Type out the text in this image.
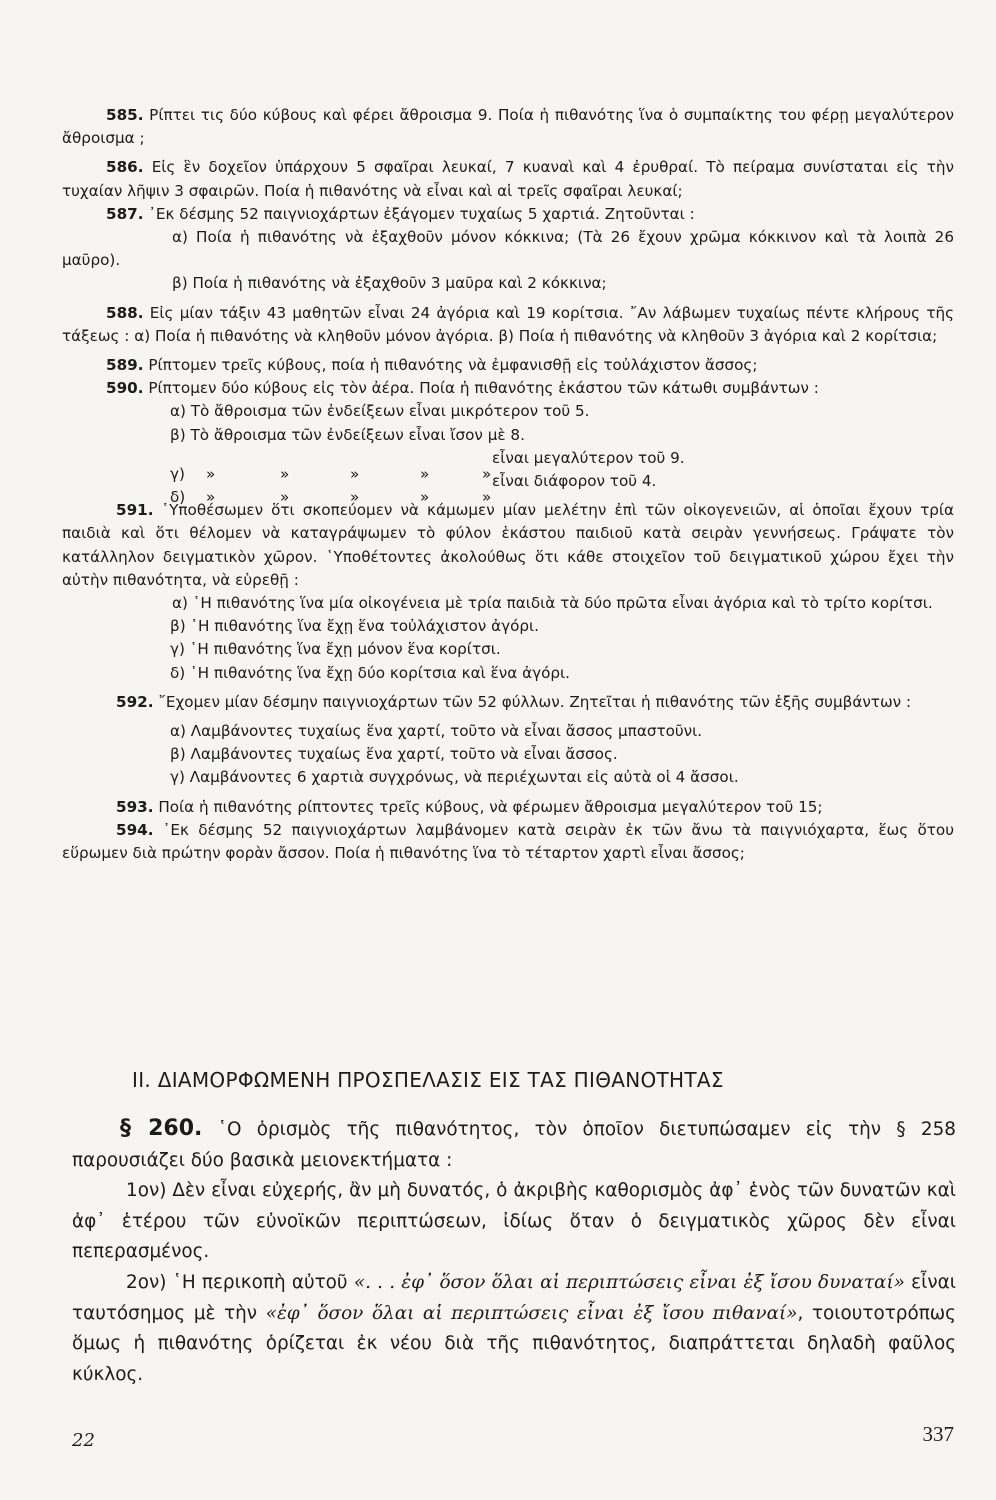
585. Ρίπτει τις δύο κύβους καὶ φέρει ἄθροισμα 9. Ποία ἡ πιθανότης ἵνα ὁ συμπαίκτης του φέρῃ μεγαλύτερον ἄθροισμα ;
586. Εἰς ἓν δοχεῖον ὑπάρχουν 5 σφαῖραι λευκαί, 7 κυαναὶ καὶ 4 ἐρυθραί. Τὸ πείραμα συνίσταται εἰς τὴν τυχαίαν λῆψιν 3 σφαιρῶν. Ποία ἡ πιθανότης νὰ εἶναι καὶ αἱ τρεῖς σφαῖραι λευκαί;
587. ᾿Εκ δέσμης 52 παιγνιοχάρτων ἐξάγομεν τυχαίως 5 χαρτιά. Ζητοῦνται :
α) Ποία ἡ πιθανότης νὰ ἐξαχθοῦν μόνον κόκκινα; (Τὰ 26 ἔχουν χρῶμα κόκκινον καὶ τὰ λοιπὰ 26 μαῦρο).
β) Ποία ἡ πιθανότης νὰ ἐξαχθοῦν 3 μαῦρα καὶ 2 κόκκινα;
588. Εἰς μίαν τάξιν 43 μαθητῶν εἶναι 24 ἀγόρια καὶ 19 κορίτσια. ῎Αν λάβωμεν τυχαίως πέντε κλήρους τῆς τάξεως : α) Ποία ἡ πιθανότης νὰ κληθοῦν μόνον ἀγόρια. β) Ποία ἡ πιθανότης νὰ κληθοῦν 3 ἀγόρια καὶ 2 κορίτσια;
589. Ρίπτομεν τρεῖς κύβους, ποία ἡ πιθανότης νὰ ἐμφανισθῇ εἰς τοὐλάχιστον ἄσσος;
590. Ρίπτομεν δύο κύβους εἰς τὸν ἀέρα. Ποία ἡ πιθανότης ἑκάστου τῶν κάτωθι συμβάντων :
α) Τὸ ἄθροισμα τῶν ἐνδείξεων εἶναι μικρότερον τοῦ 5.
β) Τὸ ἄθροισμα τῶν ἐνδείξεων εἶναι ἴσον μὲ 8.
γ) »	»	»	»	»
εἶναι μεγαλύτερον τοῦ 9.
δ) »	»	»	»	»
εἶναι διάφορον τοῦ 4.
591. ῾Υποθέσωμεν ὅτι σκοπεύομεν νὰ κάμωμεν μίαν μελέτην ἐπὶ τῶν οἰκογενειῶν, αἱ ὁποῖαι ἔχουν τρία παιδιὰ καὶ ὅτι θέλομεν νὰ καταγράψωμεν τὸ φύλον ἑκάστου παιδιοῦ κατὰ σειρὰν γεννήσεως. Γράψατε τὸν κατάλληλον δειγματικὸν χῶρον. ῾Υποθέτοντες ἀκολούθως ὅτι κάθε στοιχεῖον τοῦ δειγματικοῦ χώρου ἔχει τὴν αὐτὴν πιθανότητα, νὰ εὑρεθῇ :
α) ῾Η πιθανότης ἵνα μία οἰκογένεια μὲ τρία παιδιὰ τὰ δύο πρῶτα εἶναι ἀγόρια καὶ τὸ τρίτο κορίτσι.
β) ῾Η πιθανότης ἵνα ἔχῃ ἕνα τοὐλάχιστον ἀγόρι.
γ) ῾Η πιθανότης ἵνα ἔχῃ μόνον ἕνα κορίτσι.
δ) ῾Η πιθανότης ἵνα ἔχῃ δύο κορίτσια καὶ ἕνα ἀγόρι.
592. ῎Εχομεν μίαν δέσμην παιγνιοχάρτων τῶν 52 φύλλων. Ζητεῖται ἡ πιθανότης τῶν ἑξῆς συμβάντων :
α) Λαμβάνοντες τυχαίως ἕνα χαρτί, τοῦτο νὰ εἶναι ἄσσος μπαστοῦνι.
β) Λαμβάνοντες τυχαίως ἕνα χαρτί, τοῦτο νὰ εἶναι ἄσσος.
γ) Λαμβάνοντες 6 χαρτιὰ συγχρόνως, νὰ περιέχωνται εἰς αὐτὰ οἱ 4 ἄσσοι.
593. Ποία ἡ πιθανότης ρίπτοντες τρεῖς κύβους, νὰ φέρωμεν ἄθροισμα μεγαλύτερον τοῦ 15;
594. ᾿Εκ δέσμης 52 παιγνιοχάρτων λαμβάνομεν κατὰ σειρὰν ἐκ τῶν ἄνω τὰ παιγνιόχαρτα, ἕως ὅτου εὕρωμεν διὰ πρώτην φορὰν ἄσσον. Ποία ἡ πιθανότης ἵνα τὸ τέταρτον χαρτὶ εἶναι ἄσσος;
ΙΙ. ΔΙΑΜΟΡΦΩΜΕΝΗ ΠΡΟΣΠΕΛΑΣΙΣ ΕΙΣ ΤΑΣ ΠΙΘΑΝΟΤΗΤΑΣ
§ 260. ῾Ο ὁρισμὸς τῆς πιθανότητος, τὸν ὁποῖον διετυπώσαμεν εἰς τὴν § 258 παρουσιάζει δύο βασικὰ μειονεκτήματα :
1ον) Δὲν εἶναι εὐχερής, ἂν μὴ δυνατός, ὁ ἀκριβὴς καθορισμὸς ἀφ᾿ ἑνὸς τῶν δυνατῶν καὶ ἀφ᾿ ἑτέρου τῶν εὐνοϊκῶν περιπτώσεων, ἰδίως ὅταν ὁ δειγματικὸς χῶρος δὲν εἶναι πεπερασμένος.
2ον) ῾Η περικοπὴ αὐτοῦ «. . . ἐφ᾿ ὅσον ὅλαι αἱ περιπτώσεις εἶναι ἐξ ἴσου δυναταί» εἶναι ταυτόσημος μὲ τὴν «ἐφ᾿ ὅσον ὅλαι αἱ περιπτώσεις εἶναι ἐξ ἴσου πιθαναί», τοιουτοτρόπως ὅμως ἡ πιθανότης ὁρίζεται ἐκ νέου διὰ τῆς πιθανότητος, διαπράττεται δηλαδὴ φαῦλος κύκλος.
22	337
